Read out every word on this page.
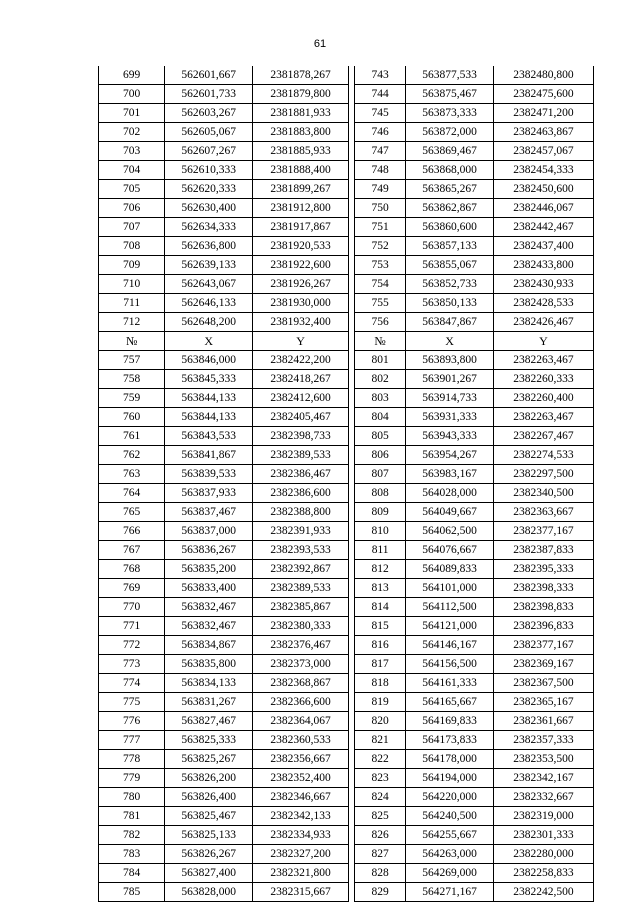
61
699	562601,667	2381878,267		743	563877,533	2382480,800
700	562601,733	2381879,800		744	563875,467	2382475,600
701	562603,267	2381881,933		745	563873,333	2382471,200
702	562605,067	2381883,800		746	563872,000	2382463,867
703	562607,267	2381885,933		747	563869,467	2382457,067
704	562610,333	2381888,400		748	563868,000	2382454,333
705	562620,333	2381899,267		749	563865,267	2382450,600
706	562630,400	2381912,800		750	563862,867	2382446,067
707	562634,333	2381917,867		751	563860,600	2382442,467
708	562636,800	2381920,533		752	563857,133	2382437,400
709	562639,133	2381922,600		753	563855,067	2382433,800
710	562643,067	2381926,267		754	563852,733	2382430,933
711	562646,133	2381930,000		755	563850,133	2382428,533
712	562648,200	2381932,400		756	563847,867	2382426,467
№	X	Y		№	X	Y
757	563846,000	2382422,200		801	563893,800	2382263,467
758	563845,333	2382418,267		802	563901,267	2382260,333
759	563844,133	2382412,600		803	563914,733	2382260,400
760	563844,133	2382405,467		804	563931,333	2382263,467
761	563843,533	2382398,733		805	563943,333	2382267,467
762	563841,867	2382389,533		806	563954,267	2382274,533
763	563839,533	2382386,467		807	563983,167	2382297,500
764	563837,933	2382386,600		808	564028,000	2382340,500
765	563837,467	2382388,800		809	564049,667	2382363,667
766	563837,000	2382391,933		810	564062,500	2382377,167
767	563836,267	2382393,533		811	564076,667	2382387,833
768	563835,200	2382392,867		812	564089,833	2382395,333
769	563833,400	2382389,533		813	564101,000	2382398,333
770	563832,467	2382385,867		814	564112,500	2382398,833
771	563832,467	2382380,333		815	564121,000	2382396,833
772	563834,867	2382376,467		816	564146,167	2382377,167
773	563835,800	2382373,000		817	564156,500	2382369,167
774	563834,133	2382368,867		818	564161,333	2382367,500
775	563831,267	2382366,600		819	564165,667	2382365,167
776	563827,467	2382364,067		820	564169,833	2382361,667
777	563825,333	2382360,533		821	564173,833	2382357,333
778	563825,267	2382356,667		822	564178,000	2382353,500
779	563826,200	2382352,400		823	564194,000	2382342,167
780	563826,400	2382346,667		824	564220,000	2382332,667
781	563825,467	2382342,133		825	564240,500	2382319,000
782	563825,133	2382334,933		826	564255,667	2382301,333
783	563826,267	2382327,200		827	564263,000	2382280,000
784	563827,400	2382321,800		828	564269,000	2382258,833
785	563828,000	2382315,667		829	564271,167	2382242,500
